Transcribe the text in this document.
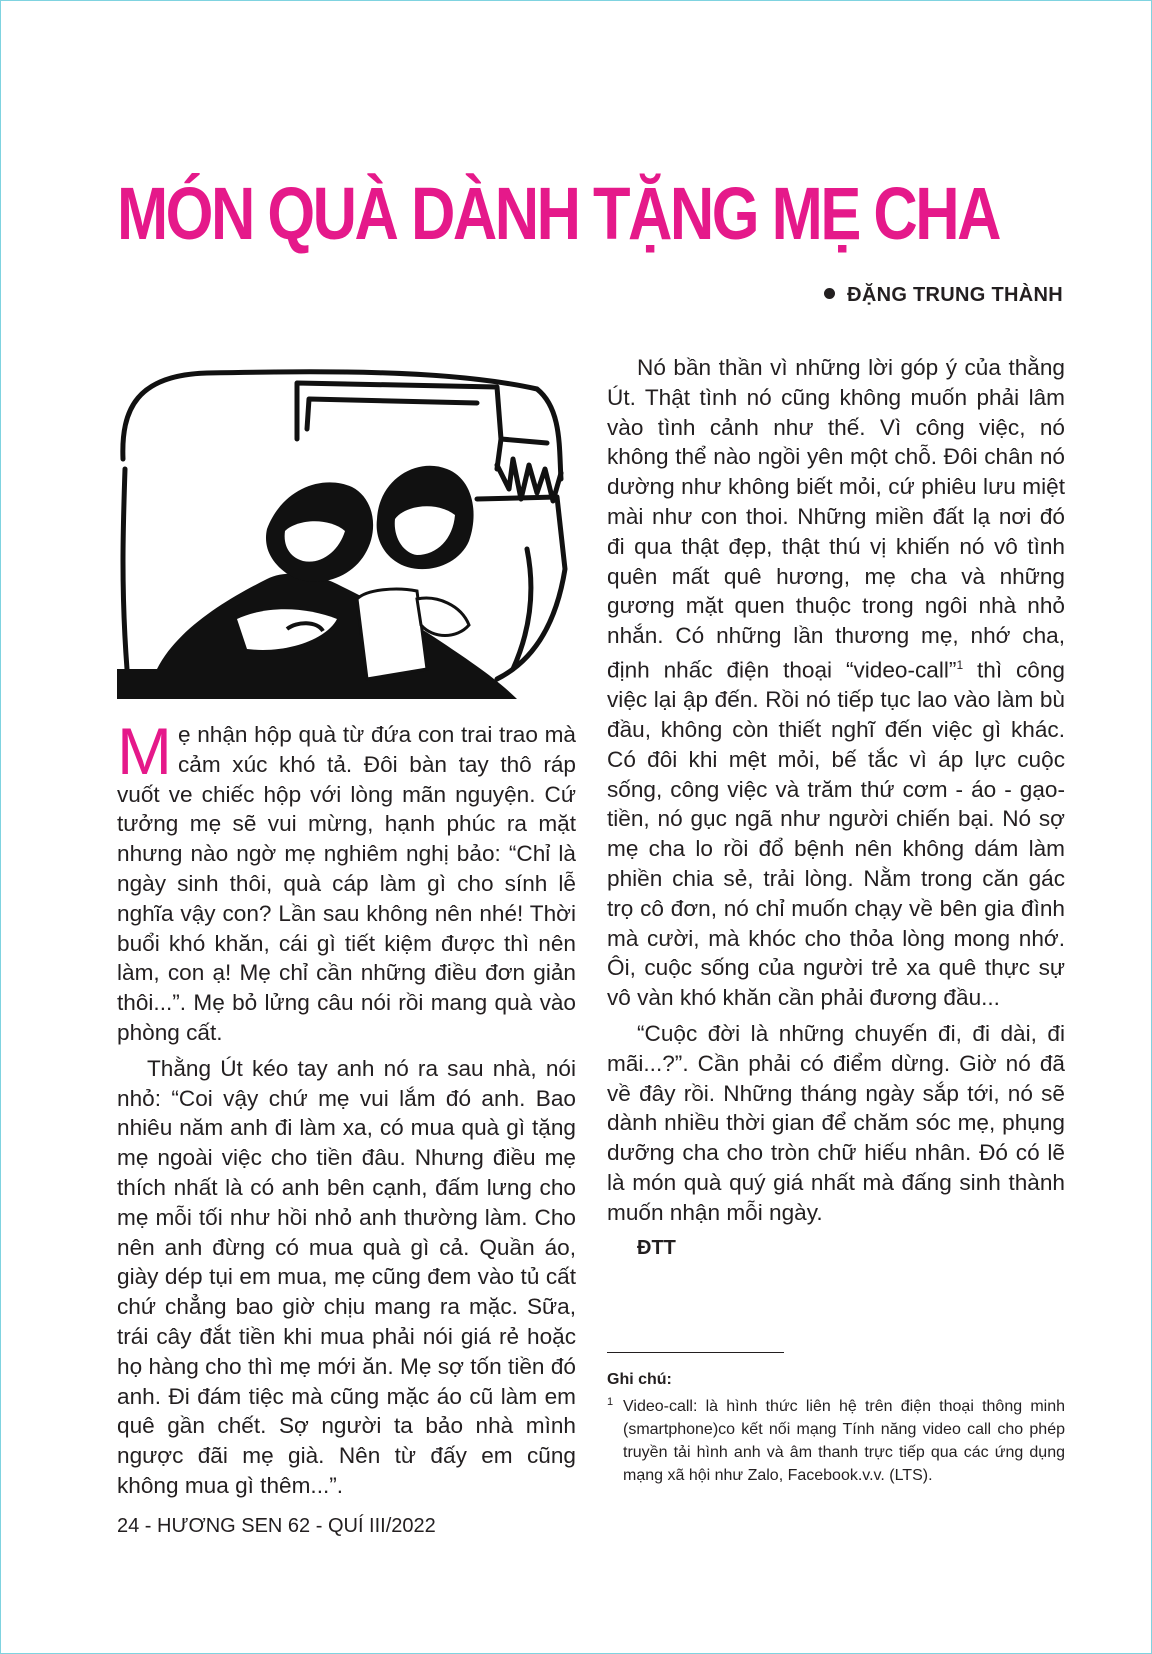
MÓN QUÀ DÀNH TẶNG MẸ CHA
ĐẶNG TRUNG THÀNH

Mẹ nhận hộp quà từ đứa con trai trao mà cảm xúc khó tả. Đôi bàn tay thô ráp vuốt ve chiếc hộp với lòng mãn nguyện. Cứ tưởng mẹ sẽ vui mừng, hạnh phúc ra mặt nhưng nào ngờ mẹ nghiêm nghị bảo: “Chỉ là ngày sinh thôi, quà cáp làm gì cho sính lễ nghĩa vậy con? Lần sau không nên nhé! Thời buổi khó khăn, cái gì tiết kiệm được thì nên làm, con ạ! Mẹ chỉ cần những điều đơn giản thôi...”. Mẹ bỏ lửng câu nói rồi mang quà vào phòng cất.

Thằng Út kéo tay anh nó ra sau nhà, nói nhỏ: “Coi vậy chứ mẹ vui lắm đó anh. Bao nhiêu năm anh đi làm xa, có mua quà gì tặng mẹ ngoài việc cho tiền đâu. Nhưng điều mẹ thích nhất là có anh bên cạnh, đấm lưng cho mẹ mỗi tối như hồi nhỏ anh thường làm. Cho nên anh đừng có mua quà gì cả. Quần áo, giày dép tụi em mua, mẹ cũng đem vào tủ cất chứ chẳng bao giờ chịu mang ra mặc. Sữa, trái cây đắt tiền khi mua phải nói giá rẻ hoặc họ hàng cho thì mẹ mới ăn. Mẹ sợ tốn tiền đó anh. Đi đám tiệc mà cũng mặc áo cũ làm em quê gần chết. Sợ người ta bảo nhà mình ngược đãi mẹ già. Nên từ đấy em cũng không mua gì thêm...”.

Nó bần thần vì những lời góp ý của thằng Út. Thật tình nó cũng không muốn phải lâm vào tình cảnh như thế. Vì công việc, nó không thể nào ngồi yên một chỗ. Đôi chân nó dường như không biết mỏi, cứ phiêu lưu miệt mài như con thoi. Những miền đất lạ nơi đó đi qua thật đẹp, thật thú vị khiến nó vô tình quên mất quê hương, mẹ cha và những gương mặt quen thuộc trong ngôi nhà nhỏ nhắn. Có những lần thương mẹ, nhớ cha, định nhấc điện thoại “video-call”$^1$ thì công việc lại ập đến. Rồi nó tiếp tục lao vào làm bù đầu, không còn thiết nghĩ đến việc gì khác. Có đôi khi mệt mỏi, bế tắc vì áp lực cuộc sống, công việc và trăm thứ cơm - áo - gạo- tiền, nó gục ngã như người chiến bại. Nó sợ mẹ cha lo rồi đổ bệnh nên không dám làm phiền chia sẻ, trải lòng. Nằm trong căn gác trọ cô đơn, nó chỉ muốn chạy về bên gia đình mà cười, mà khóc cho thỏa lòng mong nhớ. Ôi, cuộc sống của người trẻ xa quê thực sự vô vàn khó khăn cần phải đương đầu...

“Cuộc đời là những chuyến đi, đi dài, đi mãi...?”. Cần phải có điểm dừng. Giờ nó đã về đây rồi. Những tháng ngày sắp tới, nó sẽ dành nhiều thời gian để chăm sóc mẹ, phụng dưỡng cha cho tròn chữ hiếu nhân. Đó có lẽ là món quà quý giá nhất mà đấng sinh thành muốn nhận mỗi ngày.

ĐTT

Ghi chú:
1 Video-call: là hình thức liên hệ trên điện thoại thông minh (smartphone)co kết nối mạng Tính năng video call cho phép truyền tải hình anh và âm thanh trực tiếp qua các ứng dụng mạng xã hội như Zalo, Facebook.v.v. (LTS).
24 - HƯƠNG SEN 62 - QUÍ III/2022
